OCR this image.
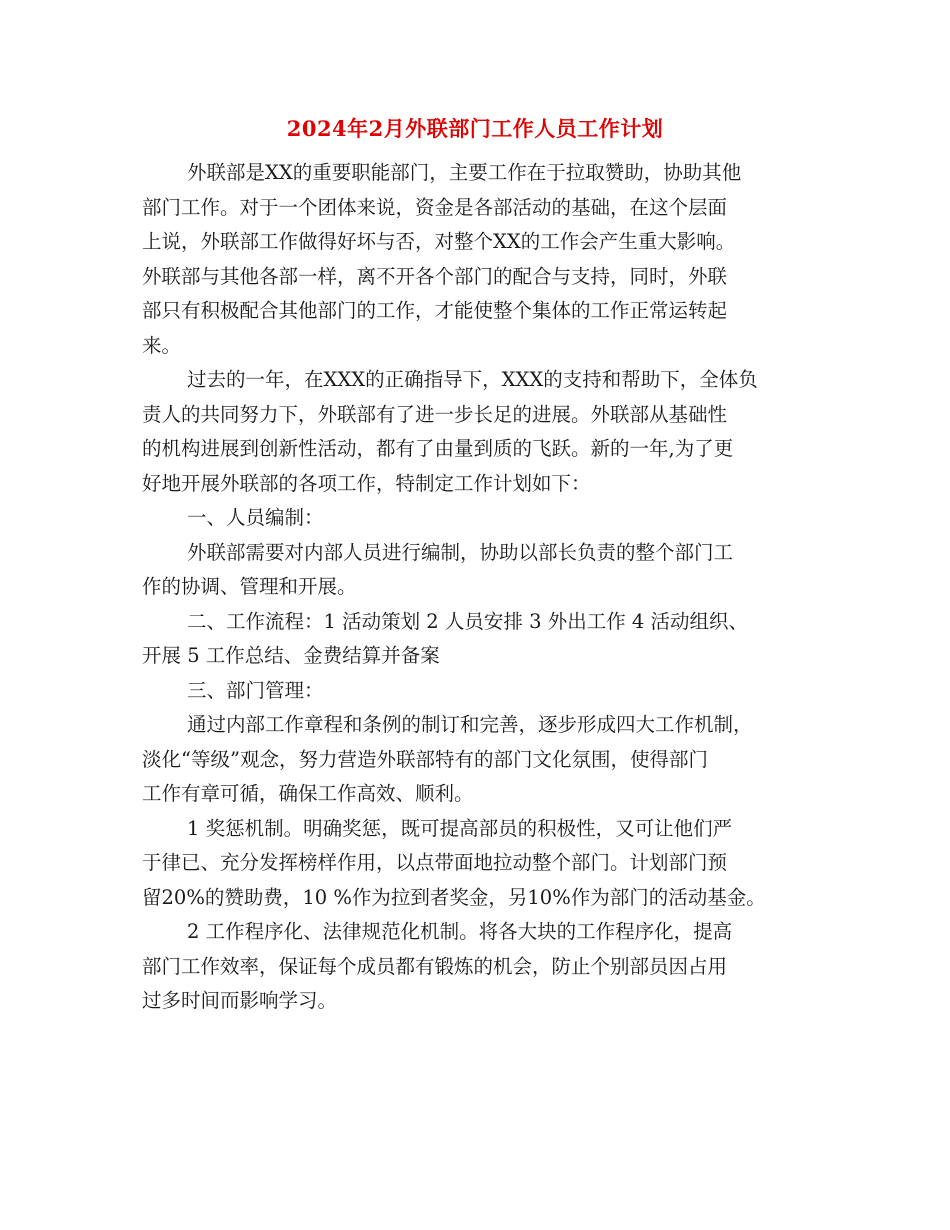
2024年2月外联部门工作人员工作计划
外联部是XX的重要职能部门，主要工作在于拉取赞助，协助其他
部门工作。对于一个团体来说，资金是各部活动的基础，在这个层面
上说，外联部工作做得好坏与否，对整个XX的工作会产生重大影响。
外联部与其他各部一样，离不开各个部门的配合与支持，同时，外联
部只有积极配合其他部门的工作，才能使整个集体的工作正常运转起
来。
过去的一年，在XXX的正确指导下，XXX的支持和帮助下，全体负
责人的共同努力下，外联部有了进一步长足的进展。外联部从基础性
的机构进展到创新性活动，都有了由量到质的飞跃。新的一年,为了更
好地开展外联部的各项工作，特制定工作计划如下：
一、人员编制：
外联部需要对内部人员进行编制，协助以部长负责的整个部门工
作的协调、管理和开展。
二、工作流程：1 活动策划 2 人员安排 3 外出工作 4 活动组织、
开展 5 工作总结、金费结算并备案
三、部门管理：
通过内部工作章程和条例的制订和完善，逐步形成四大工作机制，
淡化“等级”观念，努力营造外联部特有的部门文化氛围，使得部门
工作有章可循，确保工作高效、顺利。
1 奖惩机制。明确奖惩，既可提高部员的积极性，又可让他们严
于律已、充分发挥榜样作用，以点带面地拉动整个部门。计划部门预
留20%的赞助费，10 %作为拉到者奖金，另10%作为部门的活动基金。
2 工作程序化、法律规范化机制。将各大块的工作程序化，提高
部门工作效率，保证每个成员都有锻炼的机会，防止个别部员因占用
过多时间而影响学习。
